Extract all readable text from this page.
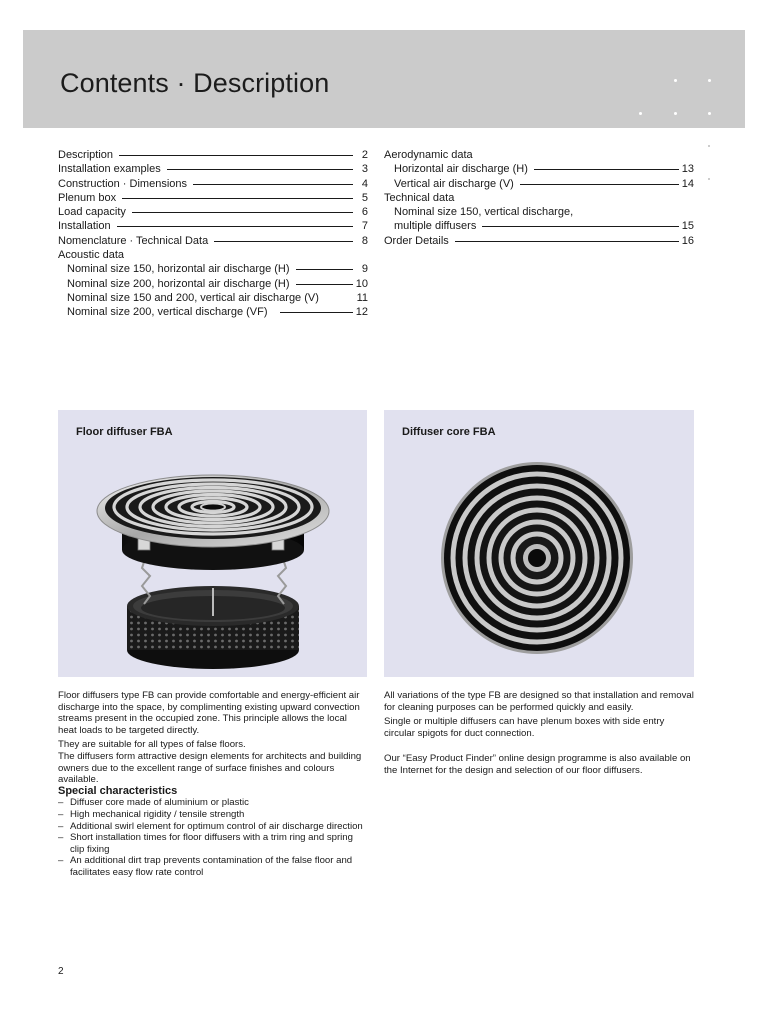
Contents · Description
Description	2
Installation examples	3
Construction · Dimensions	4
Plenum box	5
Load capacity	6
Installation	7
Nomenclature · Technical Data	8
Acoustic data
Nominal size 150, horizontal air discharge (H)	9
Nominal size 200, horizontal air discharge (H)	10
Nominal size 150 and 200, vertical air discharge (V)	11
Nominal size 200, vertical discharge (VF)	12
Aerodynamic data
Horizontal air discharge (H)	13
Vertical air discharge (V)	14
Technical data
Nominal size 150, vertical discharge,
multiple diffusers	15
Order Details	16

Floor diffuser FBA	Diffuser core FBA

Floor diffusers type FB can provide comfortable and energy-efficient air discharge into the space, by complimenting existing upward convection streams present in the occupied zone. This principle allows the local heat loads to be targeted directly.

They are suitable for all types of false floors.

The diffusers form attractive design elements for architects and building owners due to the excellent range of surface finishes and colours available.

Special characteristics

– Diffuser core made of aluminium or plastic
– High mechanical rigidity / tensile strength
– Additional swirl element for optimum control of air discharge direction
– Short installation times for floor diffusers with a trim ring and spring clip fixing
– An additional dirt trap prevents contamination of the false floor and facilitates easy flow rate control

All variations of the type FB are designed so that installation and removal for cleaning purposes can be performed quickly and easily.

Single or multiple diffusers can have plenum boxes with side entry circular spigots for duct connection.

Our “Easy Product Finder” online design programme is also available on the Internet for the design and selection of our floor diffusers.

2
